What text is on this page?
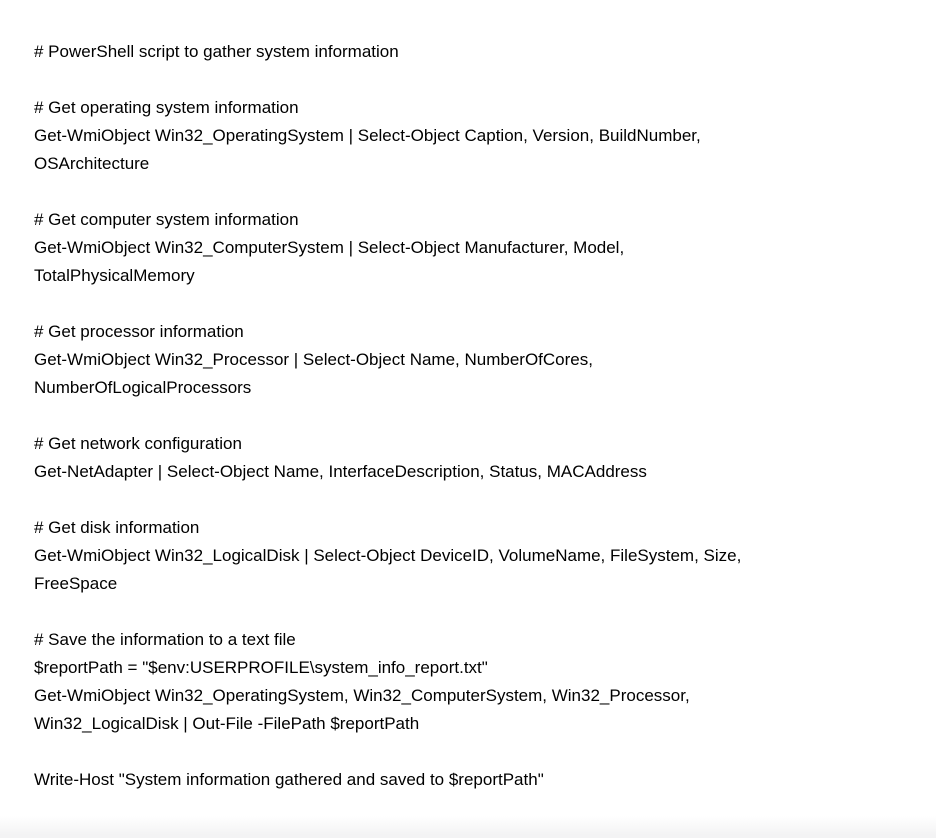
# PowerShell script to gather system information
# Get operating system information
Get-WmiObject Win32_OperatingSystem | Select-Object Caption, Version, BuildNumber,
OSArchitecture
# Get computer system information
Get-WmiObject Win32_ComputerSystem | Select-Object Manufacturer, Model,
TotalPhysicalMemory
# Get processor information
Get-WmiObject Win32_Processor | Select-Object Name, NumberOfCores,
NumberOfLogicalProcessors
# Get network configuration
Get-NetAdapter | Select-Object Name, InterfaceDescription, Status, MACAddress
# Get disk information
Get-WmiObject Win32_LogicalDisk | Select-Object DeviceID, VolumeName, FileSystem, Size,
FreeSpace
# Save the information to a text file
$reportPath = "$env:USERPROFILE\system_info_report.txt"
Get-WmiObject Win32_OperatingSystem, Win32_ComputerSystem, Win32_Processor,
Win32_LogicalDisk | Out-File -FilePath $reportPath
Write-Host "System information gathered and saved to $reportPath"
